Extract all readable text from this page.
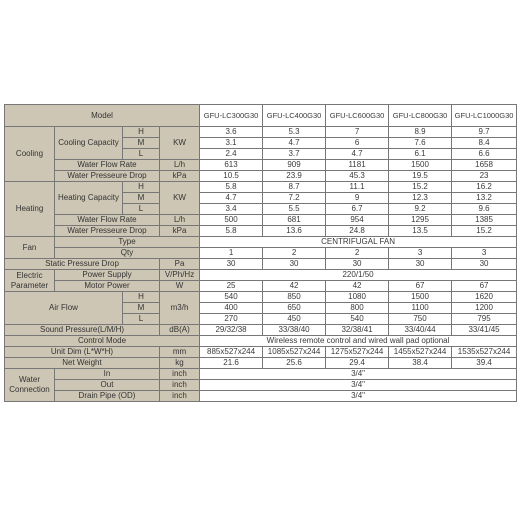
Model				GFU-LC300G30	GFU-LC400G30	GFU-LC600G30	GFU-LC800G30	GFU-LC1000G30
Cooling	Cooling Capacity	H	KW	3.6	5.3	7	8.9	9.7
		M		3.1	4.7	6	7.6	8.4
		L		2.4	3.7	4.7	6.1	6.6
	Water Flow Rate		L/h	613	909	1181	1500	1658
	Water Presseure Drop		kPa	10.5	23.9	45.3	19.5	23
Heating	Heating Capacity	H	KW	5.8	8.7	11.1	15.2	16.2
		M		4.7	7.2	9	12.3	13.2
		L		3.4	5.5	6.7	9.2	9.6
	Water Flow Rate		L/h	500	681	954	1295	1385
	Water Presseure Drop		kPa	5.8	13.6	24.8	13.5	15.2
Fan	Type			CENTRIFUGAL FAN				
	Qty			1	2	2	3	3
Static Pressure Drop			Pa	30	30	30	30	30
Electric Parameter	Power Supply		V/Ph/Hz	220/1/50				
	Motor Power		W	25	42	42	67	67
Air Flow		H	m3/h	540	850	1080	1500	1620
		M		400	650	800	1100	1200
		L		270	450	540	750	795
Sound Pressure(L/M/H)			dB(A)	29/32/38	33/38/40	32/38/41	33/40/44	33/41/45
Control Mode				Wireless remote control and wired wall pad optional				
Unit Dim (L*W*H)			mm	885x527x244	1085x527x244	1275x527x244	1455x527x244	1535x527x244
Net Weight			kg	21.6	25.6	29.4	38.4	39.4
Water Connection	In		inch	3/4"				
	Out		inch	3/4"				
	Drain Pipe (OD)		inch	3/4"				
